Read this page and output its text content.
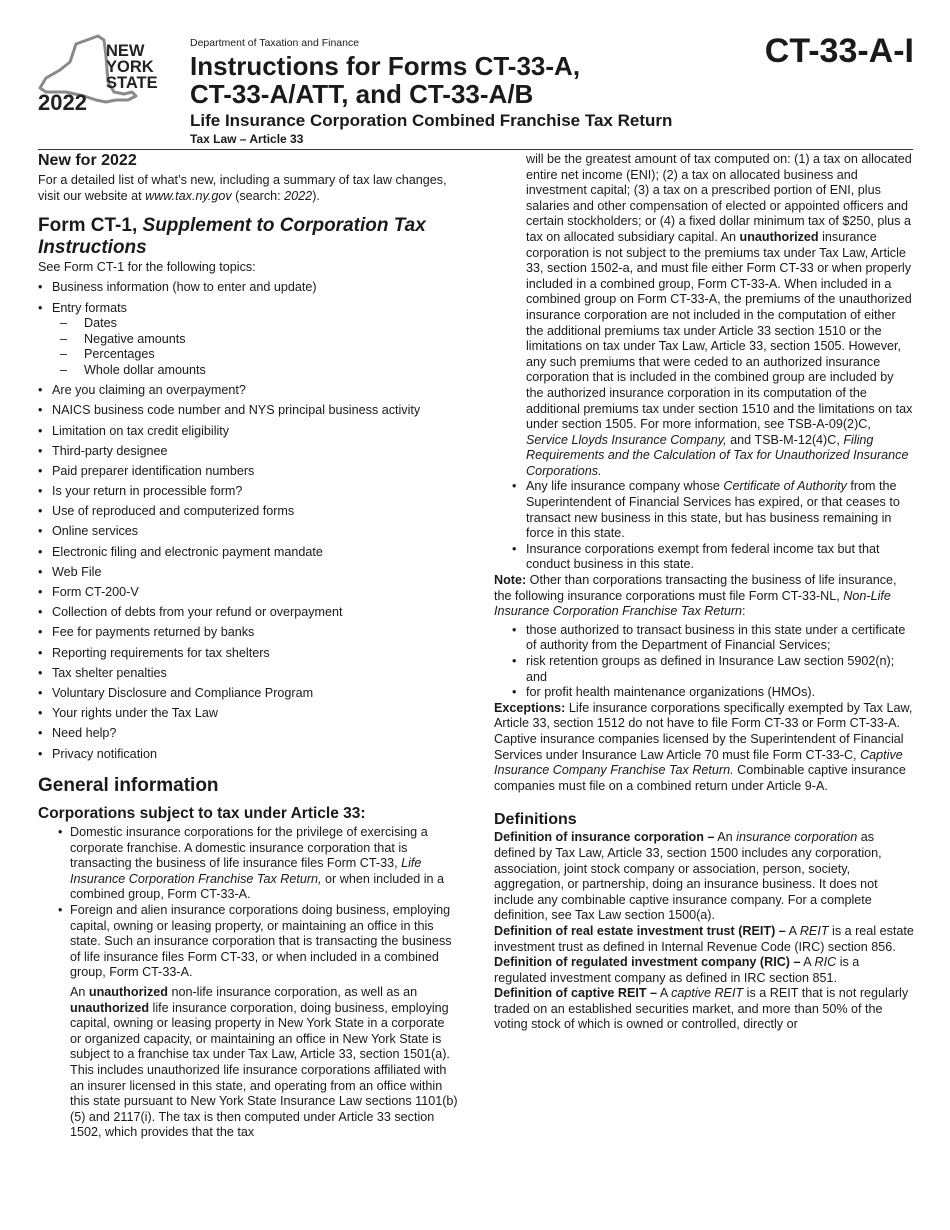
NEW
YORK
STATE
2022
Department of Taxation and Finance
Instructions for Forms CT-33-A,
CT-33-A/ATT, and CT-33-A/B
Life Insurance Corporation Combined Franchise Tax Return
Tax Law – Article 33
CT-33-A-I
New for 2022

For a detailed list of what’s new, including a summary of tax law changes, visit our website at www.tax.ny.gov (search: 2022).

Form CT-1, Supplement to Corporation Tax Instructions

See Form CT-1 for the following topics:

• Business information (how to enter and update)
• Entry formats
– Dates
– Negative amounts
– Percentages
– Whole dollar amounts
• Are you claiming an overpayment?
• NAICS business code number and NYS principal business activity
• Limitation on tax credit eligibility
• Third-party designee
• Paid preparer identification numbers
• Is your return in processible form?
• Use of reproduced and computerized forms
• Online services
• Electronic filing and electronic payment mandate
• Web File
• Form CT-200-V
• Collection of debts from your refund or overpayment
• Fee for payments returned by banks
• Reporting requirements for tax shelters
• Tax shelter penalties
• Voluntary Disclosure and Compliance Program
• Your rights under the Tax Law
• Need help?
• Privacy notification
General information
Corporations subject to tax under Article 33:

• Domestic insurance corporations for the privilege of exercising a corporate franchise. A domestic insurance corporation that is transacting the business of life insurance files Form CT-33, Life Insurance Corporation Franchise Tax Return, or when included in a combined group, Form CT-33-A.

• Foreign and alien insurance corporations doing business, employing capital, owning or leasing property, or maintaining an office in this state. Such an insurance corporation that is transacting the business of life insurance files Form CT-33, or when included in a combined group, Form CT-33-A.

An unauthorized non-life insurance corporation, as well as an unauthorized life insurance corporation, doing business, employing capital, owning or leasing property in New York State in a corporate or organized capacity, or maintaining an office in New York State is subject to a franchise tax under Tax Law, Article 33, section 1501(a). This includes unauthorized life insurance corporations affiliated with an insurer licensed in this state, and operating from an office within this state pursuant to New York State Insurance Law sections 1101(b)(5) and 2117(i). The tax is then computed under Article 33 section 1502, which provides that the tax

will be the greatest amount of tax computed on: (1) a tax on allocated entire net income (ENI); (2) a tax on allocated business and investment capital; (3) a tax on a prescribed portion of ENI, plus salaries and other compensation of elected or appointed officers and certain stockholders; or (4) a fixed dollar minimum tax of $250, plus a tax on allocated subsidiary capital. An unauthorized insurance corporation is not subject to the premiums tax under Tax Law, Article 33, section 1502-a, and must file either Form CT-33 or when properly included in a combined group, Form CT-33-A. When included in a combined group on Form CT-33-A, the premiums of the unauthorized insurance corporation are not included in the computation of either the additional premiums tax under Article 33 section 1510 or the limitations on tax under Tax Law, Article 33, section 1505. However, any such premiums that were ceded to an authorized insurance corporation that is included in the combined group are included by the authorized insurance corporation in its computation of the additional premiums tax under section 1510 and the limitations on tax under section 1505. For more information, see TSB-A-09(2)C, Service Lloyds Insurance Company, and TSB-M-12(4)C, Filing Requirements and the Calculation of Tax for Unauthorized Insurance Corporations.

• Any life insurance company whose Certificate of Authority from the Superintendent of Financial Services has expired, or that ceases to transact new business in this state, but has business remaining in force in this state.

• Insurance corporations exempt from federal income tax but that conduct business in this state.

Note: Other than corporations transacting the business of life insurance, the following insurance corporations must file Form CT-33-NL, Non-Life Insurance Corporation Franchise Tax Return:

• those authorized to transact business in this state under a certificate of authority from the Department of Financial Services;

• risk retention groups as defined in Insurance Law section 5902(n); and

• for profit health maintenance organizations (HMOs).

Exceptions: Life insurance corporations specifically exempted by Tax Law, Article 33, section 1512 do not have to file Form CT-33 or Form CT-33-A. Captive insurance companies licensed by the Superintendent of Financial Services under Insurance Law Article 70 must file Form CT-33-C, Captive Insurance Company Franchise Tax Return. Combinable captive insurance companies must file on a combined return under Article 9-A.

Definitions

Definition of insurance corporation – An insurance corporation as defined by Tax Law, Article 33, section 1500 includes any corporation, association, joint stock company or association, person, society, aggregation, or partnership, doing an insurance business. It does not include any combinable captive insurance company. For a complete definition, see Tax Law section 1500(a).

Definition of real estate investment trust (REIT) – A REIT is a real estate investment trust as defined in Internal Revenue Code (IRC) section 856.

Definition of regulated investment company (RIC) – A RIC is a regulated investment company as defined in IRC section 851.

Definition of captive REIT – A captive REIT is a REIT that is not regularly traded on an established securities market, and more than 50% of the voting stock of which is owned or controlled, directly or
